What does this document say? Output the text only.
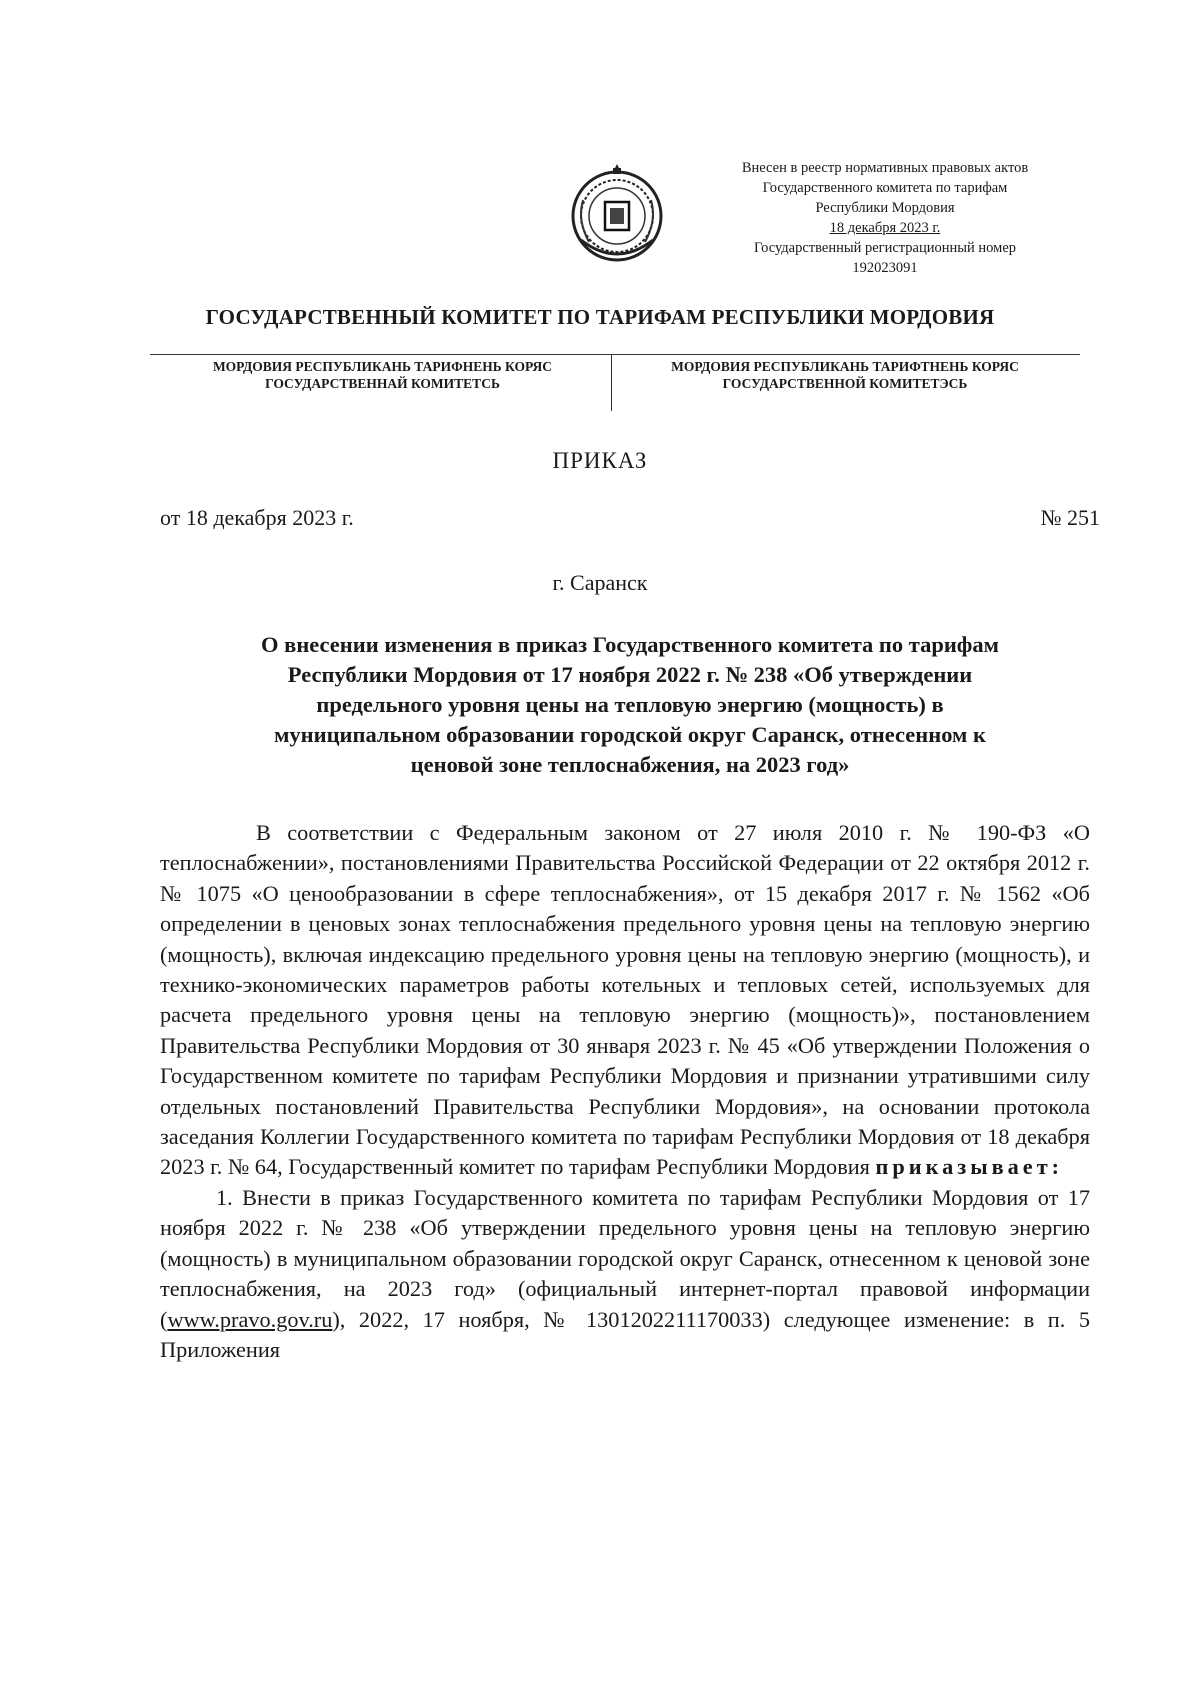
Внесен в реестр нормативных правовых актов
Государственного комитета по тарифам
Республики Мордовия
18 декабря 2023 г.
Государственный регистрационный номер
192023091
ГОСУДАРСТВЕННЫЙ КОМИТЕТ ПО ТАРИФАМ РЕСПУБЛИКИ МОРДОВИЯ
МОРДОВИЯ РЕСПУБЛИКАНЬ ТАРИФНЕНЬ КОРЯС
ГОСУДАРСТВЕННАЙ КОМИТЕТСЬ
МОРДОВИЯ РЕСПУБЛИКАНЬ ТАРИФТНЕНЬ КОРЯС
ГОСУДАРСТВЕННОЙ КОМИТЕТЭСЬ
ПРИКАЗ
от 18 декабря 2023 г.	№ 251
г. Саранск
О внесении изменения в приказ Государственного комитета по тарифам
Республики Мордовия от 17 ноября 2022 г. № 238 «Об утверждении
предельного уровня цены на тепловую энергию (мощность) в
муниципальном образовании городской округ Саранск, отнесенном к
ценовой зоне теплоснабжения, на 2023 год»

В соответствии с Федеральным законом от 27 июля 2010 г. № 190-ФЗ «О теплоснабжении», постановлениями Правительства Российской Федерации от 22 октября 2012 г. № 1075 «О ценообразовании в сфере теплоснабжения», от 15 декабря 2017 г. № 1562 «Об определении в ценовых зонах теплоснабжения предельного уровня цены на тепловую энергию (мощность), включая индексацию предельного уровня цены на тепловую энергию (мощность), и технико-экономических параметров работы котельных и тепловых сетей, используемых для расчета предельного уровня цены на тепловую энергию (мощность)», постановлением Правительства Республики Мордовия от 30 января 2023 г. № 45 «Об утверждении Положения о Государственном комитете по тарифам Республики Мордовия и признании утратившими силу отдельных постановлений Правительства Республики Мордовия», на основании протокола заседания Коллегии Государственного комитета по тарифам Республики Мордовия от 18 декабря 2023 г. № 64, Государственный комитет по тарифам Республики Мордовия приказывает:

1. Внести в приказ Государственного комитета по тарифам Республики Мордовия от 17 ноября 2022 г. № 238 «Об утверждении предельного уровня цены на тепловую энергию (мощность) в муниципальном образовании городской округ Саранск, отнесенном к ценовой зоне теплоснабжения, на 2023 год» (официальный интернет-портал правовой информации (www.pravo.gov.ru), 2022, 17 ноября, № 1301202211170033) следующее изменение: в п. 5 Приложения
